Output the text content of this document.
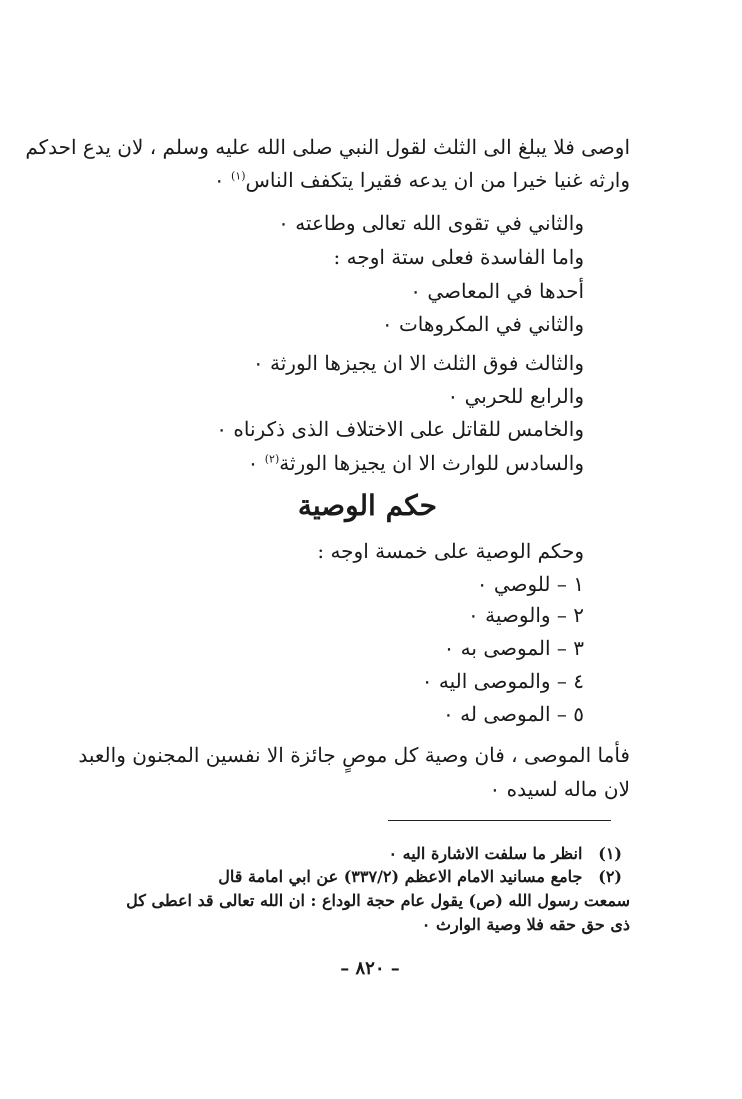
اوصى فلا يبلغ الى الثلث لقول النبي صلى الله عليه وسلم ، لان يدع احدكم
وارثه غنيا خيرا من ان يدعه فقيرا يتكفف الناس$^{(١)}$ ٠
والثاني في تقوى الله تعالى وطاعته ٠
واما الفاسدة فعلى ستة اوجه :
أحدها في المعاصي ٠
والثاني في المكروهات ٠
والثالث فوق الثلث الا ان يجيزها الورثة ٠
والرابع للحربي ٠
والخامس للقاتل على الاختلاف الذى ذكرناه ٠
والسادس للوارث الا ان يجيزها الورثة$^{(٢)}$ ٠
حكم الوصية
وحكم الوصية على خمسة اوجه :
١ – للوصي ٠
٢ – والوصية ٠
٣ – الموصى به ٠
٤ – والموصى اليه ٠
٥ – الموصى له ٠
فأما الموصى ، فان وصية كل موصٍ جائزة الا نفسين المجنون والعبد
لان ماله لسيده ٠
(١) انظر ما سلفت الاشارة اليه ٠
(٢) جامع مسانيد الامام الاعظم (٣٣٧/٢) عن ابي امامة قال
سمعت رسول الله (ص) يقول عام حجة الوداع : ان الله تعالى قد اعطى كل
ذى حق حقه فلا وصية الوارث ٠
– ٨٢٠ –
